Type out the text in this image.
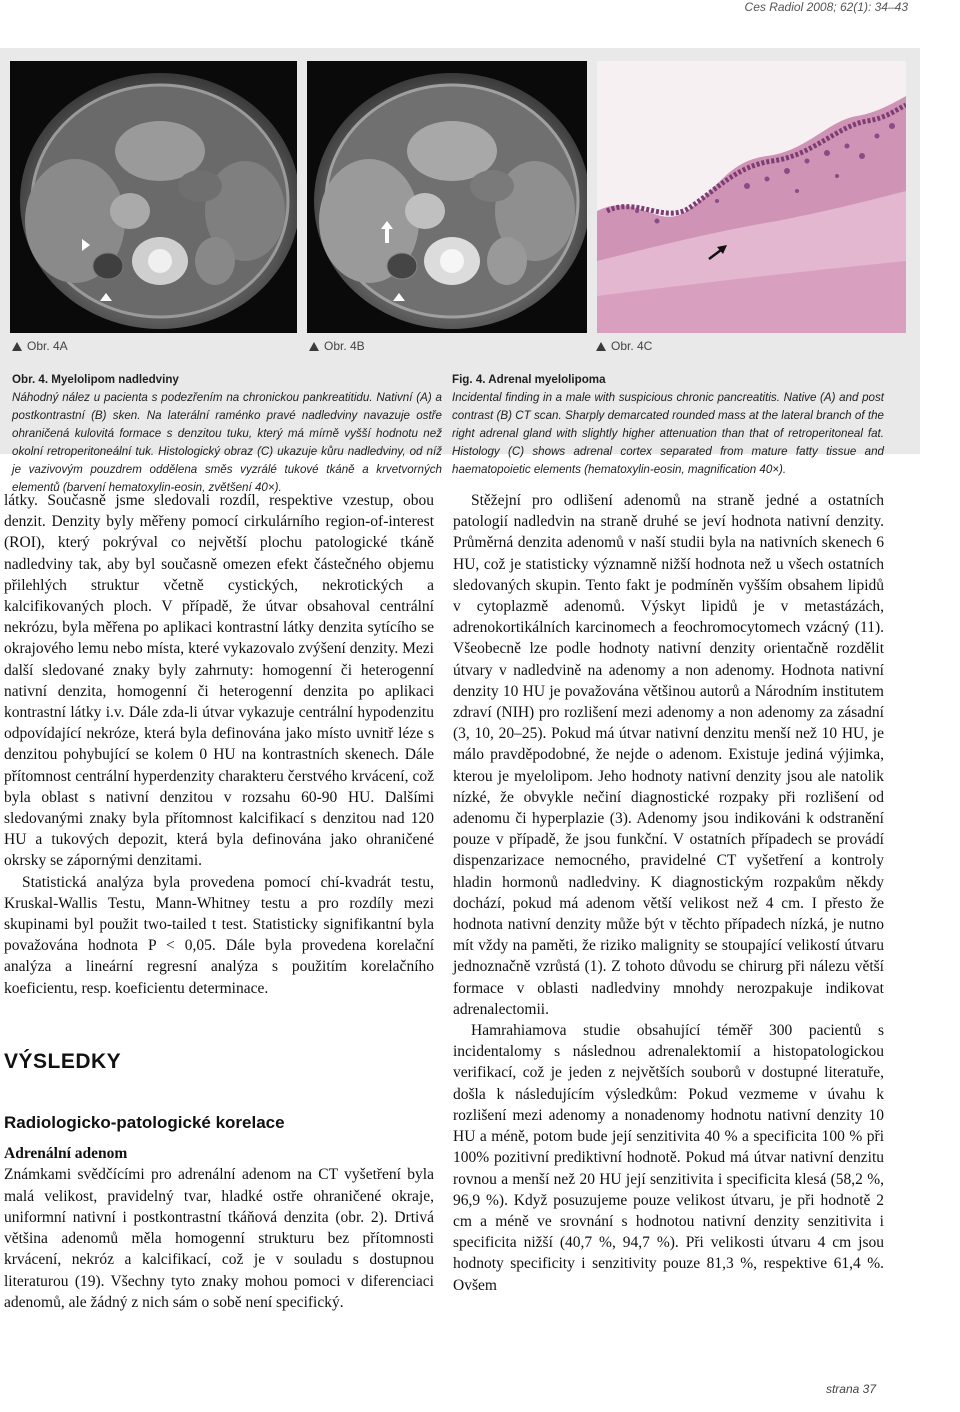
Ces Radiol 2008; 62(1): 34–43
Obr. 4A	Obr. 4B	Obr. 4C
Obr. 4. Myelolipom nadledviny
Náhodný nález u pacienta s podezřením na chronickou pankreatitidu. Nativní (A) a postkontrastní (B) sken. Na laterální raménko pravé nadledviny navazuje ostře ohraničená kulovitá formace s denzitou tuku, který má mírně vyšší hodnotu než okolní retroperitoneální tuk. Histologický obraz (C) ukazuje kůru nadledviny, od níž je vazivovým pouzdrem oddělena směs vyzrálé tukové tkáně a krvetvorných elementů (barvení hematoxylin-eosin, zvětšení 40×).
Fig. 4. Adrenal myelolipoma
Incidental finding in a male with suspicious chronic pancreatitis. Native (A) and post contrast (B) CT scan. Sharply demarcated rounded mass at the lateral branch of the right adrenal gland with slightly higher attenuation than that of retroperitoneal fat. Histology (C) shows adrenal cortex separated from mature fatty tissue and haematopoietic elements (hematoxylin-eosin, magnification 40×).

látky. Současně jsme sledovali rozdíl, respektive vzestup, obou denzit. Denzity byly měřeny pomocí cirkulárního region-of-interest (ROI), který pokrýval co největší plochu patologické tkáně nadledviny tak, aby byl současně omezen efekt částečného objemu přilehlých struktur včetně cystických, nekrotických a kalcifikovaných ploch. V případě, že útvar obsahoval centrální nekrózu, byla měřena po aplikaci kontrastní látky denzita sytícího se okrajového lemu nebo místa, které vykazovalo zvýšení denzity. Mezi další sledované znaky byly zahrnuty: homogenní či heterogenní nativní denzita, homogenní či heterogenní denzita po aplikaci kontrastní látky i.v. Dále zda-li útvar vykazuje centrální hypodenzitu odpovídající nekróze, která byla definována jako místo uvnitř léze s denzitou pohybující se kolem 0 HU na kontrastních skenech. Dále přítomnost centrální hyperdenzity charakteru čerstvého krvácení, což byla oblast s nativní denzitou v rozsahu 60-90 HU. Dalšími sledovanými znaky byla přítomnost kalcifikací s denzitou nad 120 HU a tukových depozit, která byla definována jako ohraničené okrsky se zápornými denzitami.

Statistická analýza byla provedena pomocí chí-kvadrát testu, Kruskal-Wallis Testu, Mann-Whitney testu a pro rozdíly mezi skupinami byl použit two-tailed t test. Statisticky signifikantní byla považována hodnota P < 0,05. Dále byla provedena korelační analýza a lineární regresní analýza s použitím korelačního koeficientu, resp. koeficientu determinace.

VÝSLEDKY
Radiologicko-patologické korelace
Adrenální adenom

Známkami svědčícími pro adrenální adenom na CT vyšetření byla malá velikost, pravidelný tvar, hladké ostře ohraničené okraje, uniformní nativní i postkontrastní tkáňová denzita (obr. 2). Drtivá většina adenomů měla homogenní strukturu bez přítomnosti krvácení, nekróz a kalcifikací, což je v souladu s dostupnou literaturou (19). Všechny tyto znaky mohou pomoci v diferenciaci adenomů, ale žádný z nich sám o sobě není specifický.

Stěžejní pro odlišení adenomů na straně jedné a ostatních patologií nadledvin na straně druhé se jeví hodnota nativní denzity. Průměrná denzita adenomů v naší studii byla na nativních skenech 6 HU, což je statisticky významně nižší hodnota než u všech ostatních sledovaných skupin. Tento fakt je podmíněn vyšším obsahem lipidů v cytoplazmě adenomů. Výskyt lipidů je v metastázách, adrenokortikálních karcinomech a feochromocytomech vzácný (11). Všeobecně lze podle hodnoty nativní denzity orientačně rozdělit útvary v nadledvině na adenomy a non adenomy. Hodnota nativní denzity 10 HU je považována většinou autorů a Národním institutem zdraví (NIH) pro rozlišení mezi adenomy a non adenomy za zásadní (3, 10, 20–25). Pokud má útvar nativní denzitu menší než 10 HU, je málo pravděpodobné, že nejde o adenom. Existuje jediná výjimka, kterou je myelolipom. Jeho hodnoty nativní denzity jsou ale natolik nízké, že obvykle nečiní diagnostické rozpaky při rozlišení od adenomu či hyperplazie (3). Adenomy jsou indikováni k odstranění pouze v případě, že jsou funkční. V ostatních případech se provádí dispenzarizace nemocného, pravidelné CT vyšetření a kontroly hladin hormonů nadledviny. K diagnostickým rozpakům někdy dochází, pokud má adenom větší velikost než 4 cm. I přesto že hodnota nativní denzity může být v těchto případech nízká, je nutno mít vždy na paměti, že riziko malignity se stoupající velikostí útvaru jednoznačně vzrůstá (1). Z tohoto důvodu se chirurg při nálezu větší formace v oblasti nadledviny mnohdy nerozpakuje indikovat adrenalectomii.

Hamrahiamova studie obsahující téměř 300 pacientů s incidentalomy s následnou adrenalektomií a histopatologickou verifikací, což je jeden z největších souborů v dostupné literatuře, došla k následujícím výsledkům: Pokud vezmeme v úvahu k rozlišení mezi adenomy a nonadenomy hodnotu nativní denzity 10 HU a méně, potom bude její senzitivita 40 % a specificita 100 % při 100% pozitivní prediktivní hodnotě. Pokud má útvar nativní denzitu rovnou a menší než 20 HU její senzitivita i specificita klesá (58,2 %, 96,9 %). Když posuzujeme pouze velikost útvaru, je při hodnotě 2 cm a méně ve srovnání s hodnotou nativní denzity senzitivita i specificita nižší (40,7 %, 94,7 %). Při velikosti útvaru 4 cm jsou hodnoty specificity i senzitivity pouze 81,3 %, respektive 61,4 %. Ovšem

strana 37
